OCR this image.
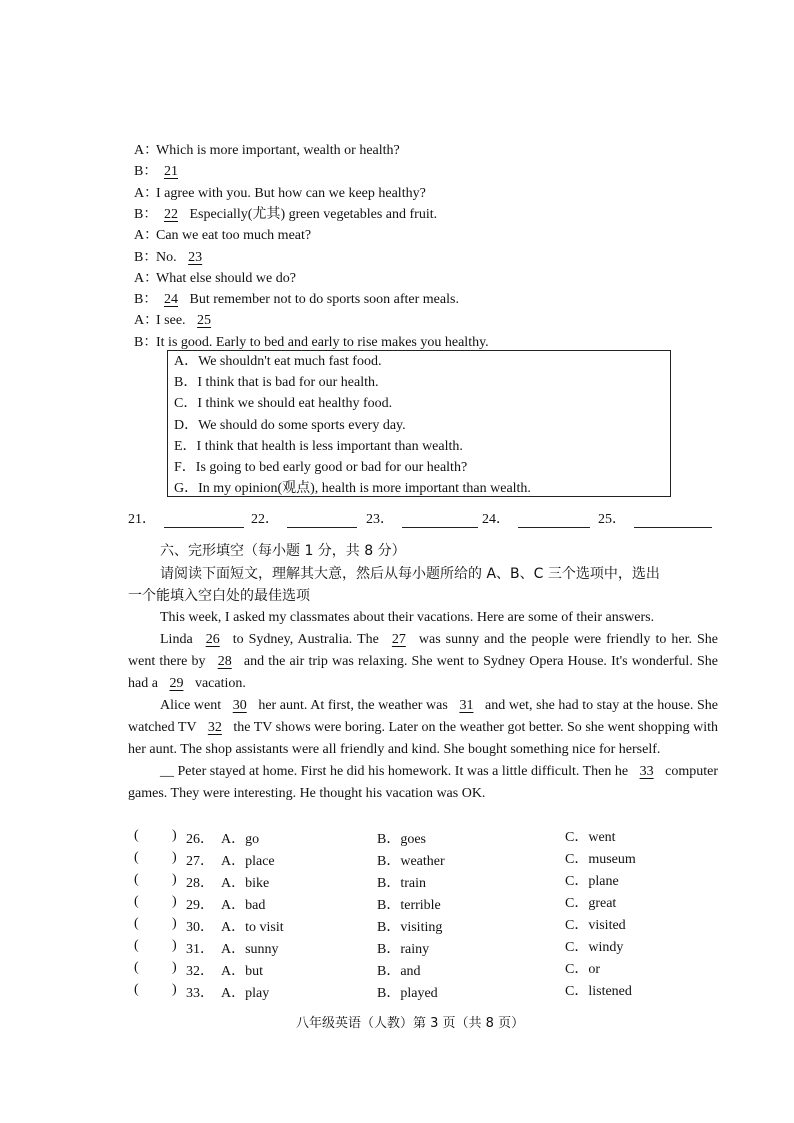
A：Which is more important, wealth or health?
B： 21
A：I agree with you. But how can we keep healthy?
B： 22 Especially(尤其) green vegetables and fruit.
A：Can we eat too much meat?
B：No. 23
A：What else should we do?
B： 24 But remember not to do sports soon after meals.
A：I see. 25
B：It is good. Early to bed and early to rise makes you healthy.
A．We shouldn't eat much fast food.
B．I think that is bad for our health.
C．I think we should eat healthy food.
D．We should do some sports every day.
E．I think that health is less important than wealth.
F．Is going to bed early good or bad for our health?
G．In my opinion(观点), health is more important than wealth.
21．	22．	23．	24．	25．
六、完形填空（每小题 1 分，共 8 分）
请阅读下面短文，理解其大意，然后从每小题所给的 A、B、C 三个选项中，选出
一个能填入空白处的最佳选项
This week, I asked my classmates about their vacations. Here are some of their answers.
Linda 26 to Sydney, Australia. The 27 was sunny and the people were friendly to her. She went there by 28 and the air trip was relaxing. She went to Sydney Opera House. It's wonderful. She had a 29 vacation.
Alice went 30 her aunt. At first, the weather was 31 and wet, she had to stay at the house. She watched TV 32 the TV shows were boring. Later on the weather got better. So she went shopping with her aunt. The shop assistants were all friendly and kind. She bought something nice for herself.
__ Peter stayed at home. First he did his homework. It was a little difficult. Then he 33 computer games. They were interesting. He thought his vacation was OK.
( ) 26． A．go	B．goes	C．went
( ) 27． A．place	B．weather	C．museum
( ) 28． A．bike	B．train	C．plane
( ) 29． A．bad	B．terrible	C．great
( ) 30． A．to visit	B．visiting	C．visited
( ) 31． A．sunny	B．rainy	C．windy
( ) 32． A．but	B．and	C．or
( ) 33． A．play	B．played	C．listened
八年级英语（人教）第 3 页（共 8 页）
